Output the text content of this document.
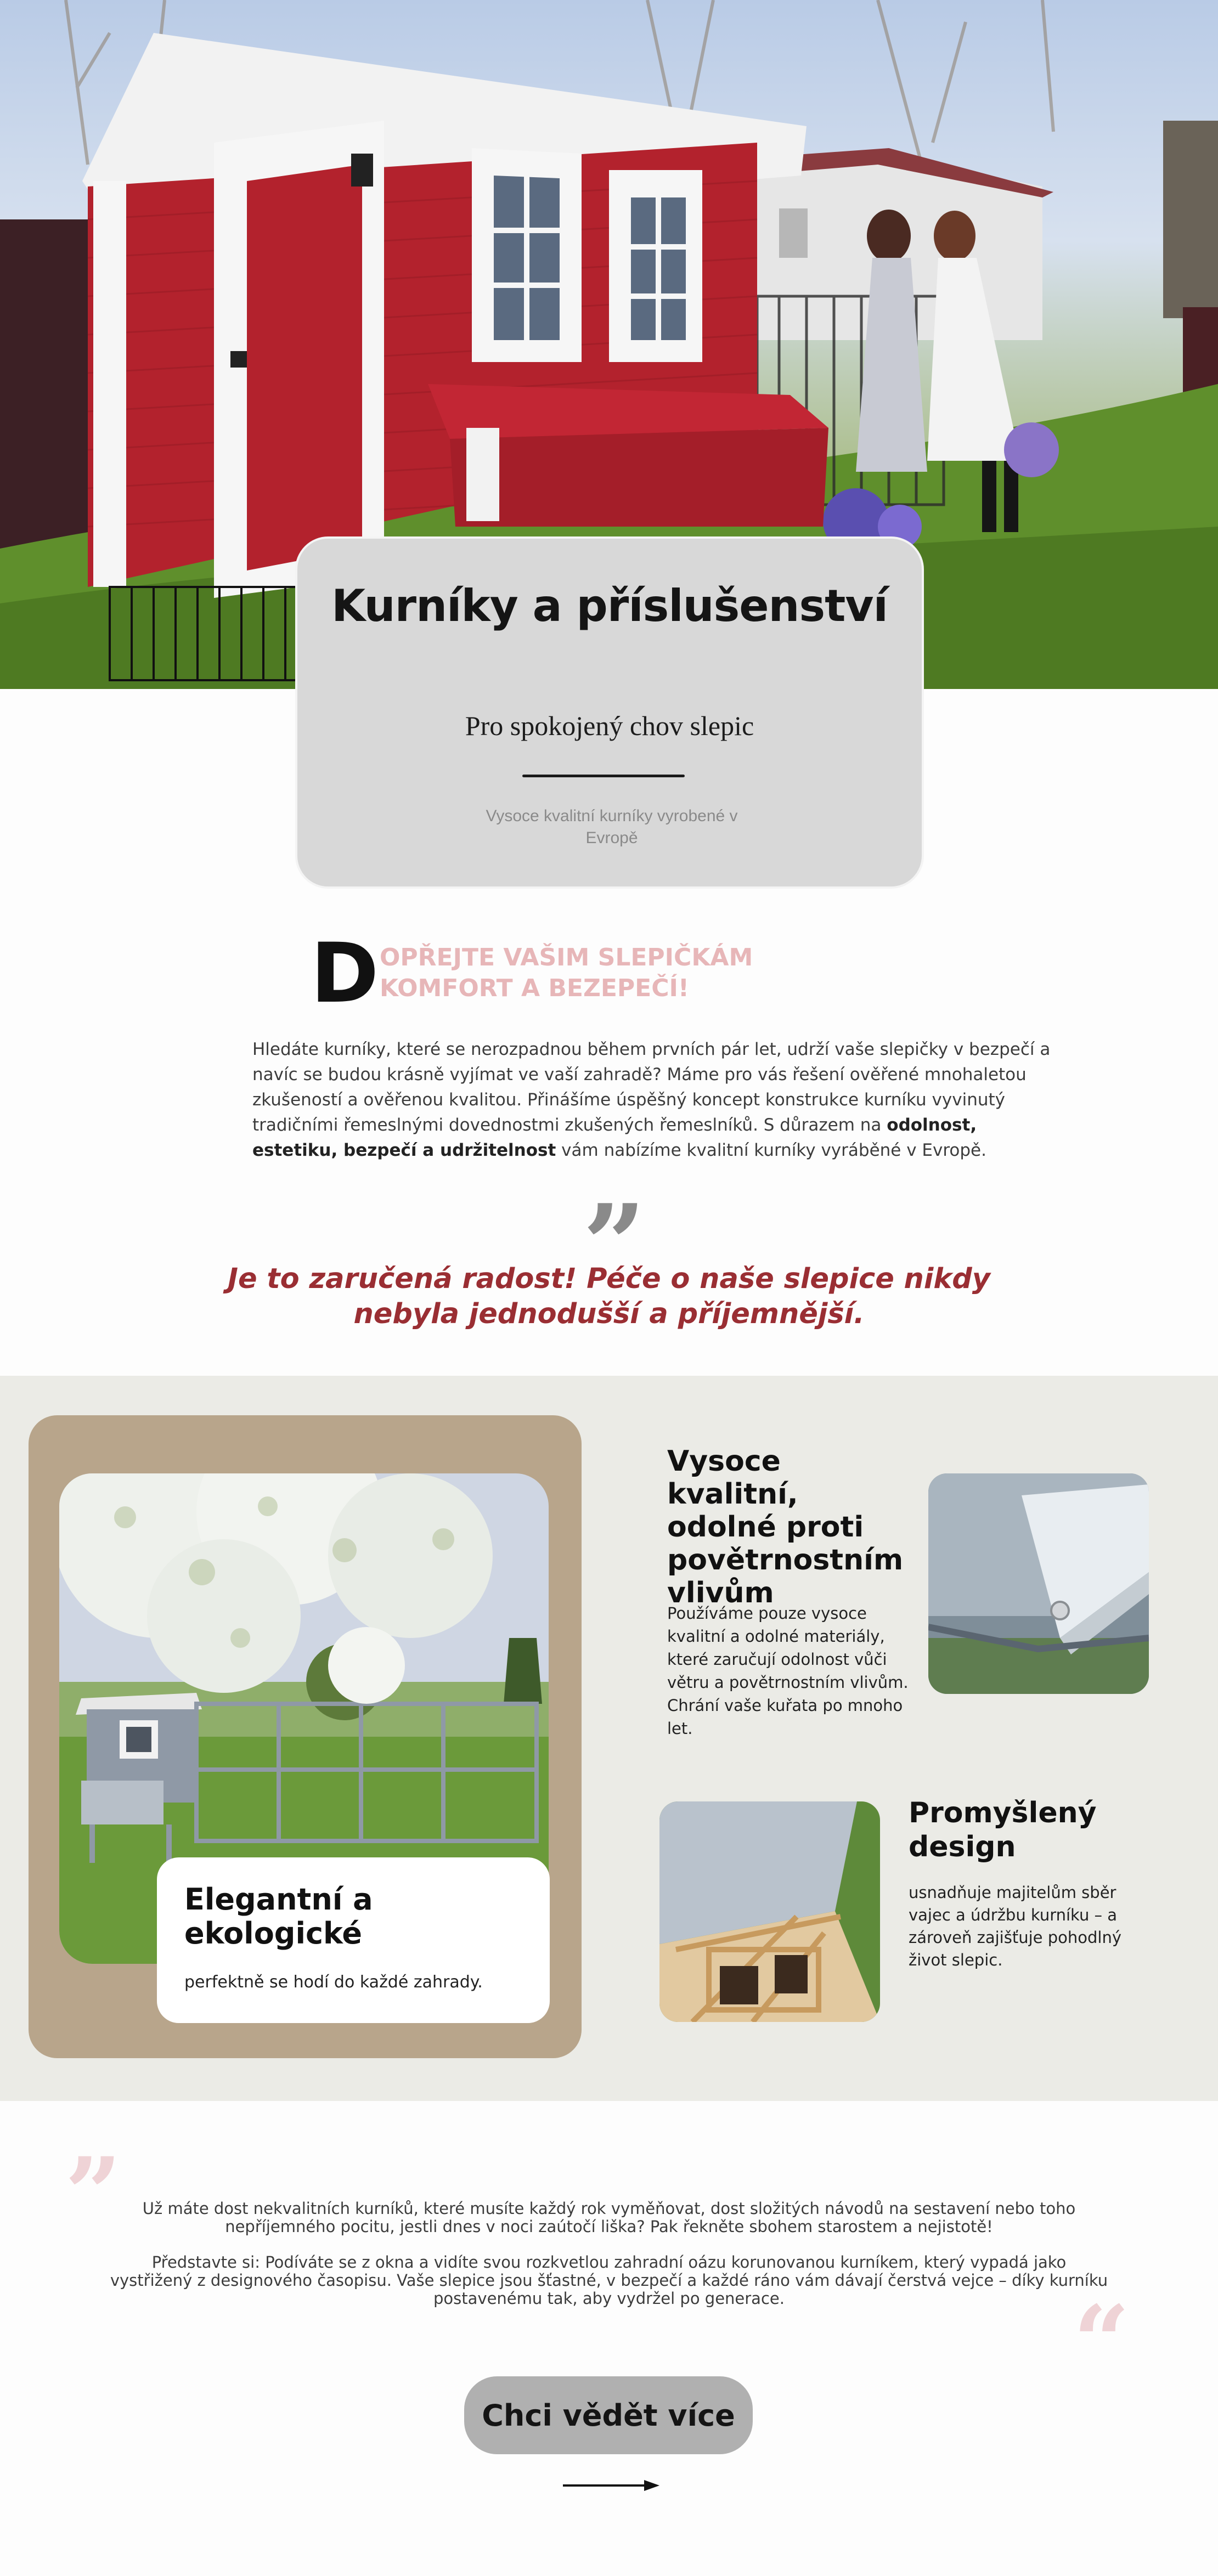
Kurníky a příslušenství
Pro spokojený chov slepic
Vysoce kvalitní kurníky vyrobené v Evropě
D OPŘEJTE VAŠIM SLEPIČKÁM KOMFORT A BEZEPEČÍ!

Hledáte kurníky, které se nerozpadnou během prvních pár let, udrží vaše slepičky v bezpečí a navíc se budou krásně vyjímat ve vaší zahradě? Máme pro vás řešení ověřené mnohaletou zkušeností a ověřenou kvalitou. Přinášíme úspěšný koncept konstrukce kurníku vyvinutý tradičními řemeslnými dovednostmi zkušených řemeslníků. S důrazem na odolnost, estetiku, bezpečí a udržitelnost vám nabízíme kvalitní kurníky vyráběné v Evropě.

”

Je to zaručená radost! Péče o naše slepice nikdy nebyla jednodušší a příjemnější.

Elegantní a ekologické

perfektně se hodí do každé zahrady.

Vysoce kvalitní, odolné proti povětrnostním vlivům

Používáme pouze vysoce kvalitní a odolné materiály, které zaručují odolnost vůči větru a povětrnostním vlivům. Chrání vaše kuřata po mnoho let.

Promyšlený design

usnadňuje majitelům sběr vajec a údržbu kurníku – a zároveň zajišťuje pohodlný život slepic.

”	Už máte dost nekvalitních kurníků, které musíte každý rok vyměňovat, dost složitých návodů na sestavení nebo toho nepříjemného pocitu, jestli dnes v noci zaútočí liška? Pak řekněte sbohem starostem a nejistotě!

Představte si: Podíváte se z okna a vidíte svou rozkvetlou zahradní oázu korunovanou kurníkem, který vypadá jako vystřižený z designového časopisu. Vaše slepice jsou šťastné, v bezpečí a každé ráno vám dávají čerstvá vejce – díky kurníku postavenému tak, aby vydržel po generace.	“
Chci vědět více
